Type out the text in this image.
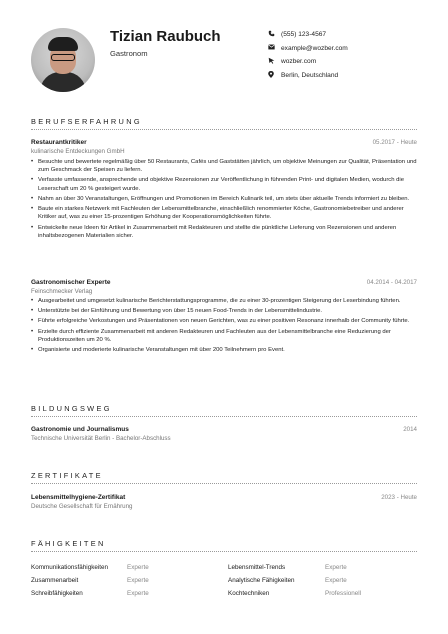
Tizian Raubuch
Gastronom
(555) 123-4567
example@wozber.com
wozber.com
Berlin, Deutschland
BERUFSERFAHRUNG
Restaurantkritiker	05.2017 - Heute
kulinarische Entdeckungen GmbH
• Besuchte und bewertete regelmäßig über 50 Restaurants, Cafés und Gaststätten jährlich, um objektive Meinungen zur Qualität, Präsentation und zum Geschmack der Speisen zu liefern.
• Verfasste umfassende, ansprechende und objektive Rezensionen zur Veröffentlichung in führenden Print- und digitalen Medien, wodurch die Leserschaft um 20 % gesteigert wurde.
• Nahm an über 30 Veranstaltungen, Eröffnungen und Promotionen im Bereich Kulinarik teil, um stets über aktuelle Trends informiert zu bleiben.
• Baute ein starkes Netzwerk mit Fachleuten der Lebensmittelbranche, einschließlich renommierter Köche, Gastronomiebetreiber und anderer Kritiker auf, was zu einer 15-prozentigen Erhöhung der Kooperationsmöglichkeiten führte.
• Entwickelte neue Ideen für Artikel in Zusammenarbeit mit Redakteuren und stellte die pünktliche Lieferung von Rezensionen und anderen inhaltsbezogenen Materialien sicher.
Gastronomischer Experte	04.2014 - 04.2017
Feinschmecker Verlag
• Ausgearbeitet und umgesetzt kulinarische Berichterstattungsprogramme, die zu einer 30-prozentigen Steigerung der Leserbindung führten.
• Unterstützte bei der Einführung und Bewertung von über 15 neuen Food-Trends in der Lebensmittelindustrie.
• Führte erfolgreiche Verkostungen und Präsentationen von neuen Gerichten, was zu einer positiven Resonanz innerhalb der Community führte.
• Erzielte durch effiziente Zusammenarbeit mit anderen Redakteuren und Fachleuten aus der Lebensmittelbranche eine Reduzierung der Produktionszeiten um 20 %.
• Organisierte und moderierte kulinarische Veranstaltungen mit über 200 Teilnehmern pro Event.
BILDUNGSWEG
Gastronomie und Journalismus	2014
Technische Universität Berlin - Bachelor-Abschluss
ZERTIFIKATE
Lebensmittelhygiene-Zertifikat	2023 - Heute
Deutsche Gesellschaft für Ernährung
FÄHIGKEITEN
Kommunikationsfähigkeiten	Experte	Lebensmittel-Trends	Experte
Zusammenarbeit	Experte	Analytische Fähigkeiten	Experte
Schreibfähigkeiten	Experte	Kochtechniken	Professionell
